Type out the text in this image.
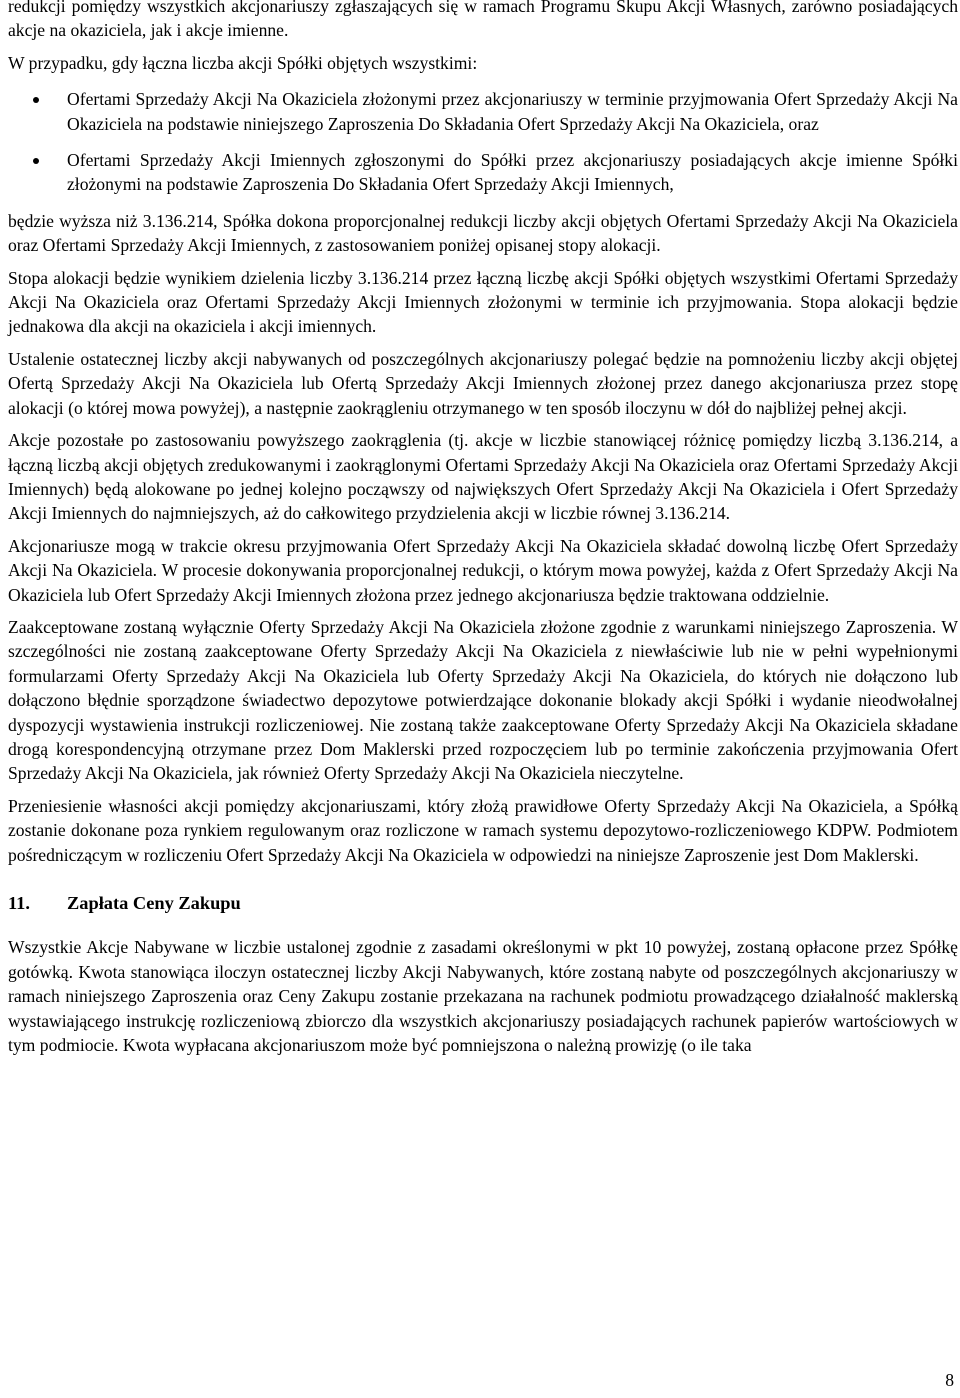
redukcji pomiędzy wszystkich akcjonariuszy zgłaszających się w ramach Programu Skupu Akcji Własnych, zarówno posiadających akcje na okaziciela, jak i akcje imienne.

W przypadku, gdy łączna liczba akcji Spółki objętych wszystkimi:

Ofertami Sprzedaży Akcji Na Okaziciela złożonymi przez akcjonariuszy w terminie przyjmowania Ofert Sprzedaży Akcji Na Okaziciela na podstawie niniejszego Zaproszenia Do Składania Ofert Sprzedaży Akcji Na Okaziciela, oraz
Ofertami Sprzedaży Akcji Imiennych zgłoszonymi do Spółki przez akcjonariuszy posiadających akcje imienne Spółki złożonymi na podstawie Zaproszenia Do Składania Ofert Sprzedaży Akcji Imiennych,

będzie wyższa niż 3.136.214, Spółka dokona proporcjonalnej redukcji liczby akcji objętych Ofertami Sprzedaży Akcji Na Okaziciela oraz Ofertami Sprzedaży Akcji Imiennych, z zastosowaniem poniżej opisanej stopy alokacji.

Stopa alokacji będzie wynikiem dzielenia liczby 3.136.214 przez łączną liczbę akcji Spółki objętych wszystkimi Ofertami Sprzedaży Akcji Na Okaziciela oraz Ofertami Sprzedaży Akcji Imiennych złożonymi w terminie ich przyjmowania. Stopa alokacji będzie jednakowa dla akcji na okaziciela i akcji imiennych.

Ustalenie ostatecznej liczby akcji nabywanych od poszczególnych akcjonariuszy polegać będzie na pomnożeniu liczby akcji objętej Ofertą Sprzedaży Akcji Na Okaziciela lub Ofertą Sprzedaży Akcji Imiennych złożonej przez danego akcjonariusza przez stopę alokacji (o której mowa powyżej), a następnie zaokrągleniu otrzymanego w ten sposób iloczynu w dół do najbliżej pełnej akcji.

Akcje pozostałe po zastosowaniu powyższego zaokrąglenia (tj. akcje w liczbie stanowiącej różnicę pomiędzy liczbą 3.136.214, a łączną liczbą akcji objętych zredukowanymi i zaokrąglonymi Ofertami Sprzedaży Akcji Na Okaziciela oraz Ofertami Sprzedaży Akcji Imiennych) będą alokowane po jednej kolejno począwszy od największych Ofert Sprzedaży Akcji Na Okaziciela i Ofert Sprzedaży Akcji Imiennych do najmniejszych, aż do całkowitego przydzielenia akcji w liczbie równej 3.136.214.

Akcjonariusze mogą w trakcie okresu przyjmowania Ofert Sprzedaży Akcji Na Okaziciela składać dowolną liczbę Ofert Sprzedaży Akcji Na Okaziciela. W procesie dokonywania proporcjonalnej redukcji, o którym mowa powyżej, każda z Ofert Sprzedaży Akcji Na Okaziciela lub Ofert Sprzedaży Akcji Imiennych złożona przez jednego akcjonariusza będzie traktowana oddzielnie.

Zaakceptowane zostaną wyłącznie Oferty Sprzedaży Akcji Na Okaziciela złożone zgodnie z warunkami niniejszego Zaproszenia. W szczególności nie zostaną zaakceptowane Oferty Sprzedaży Akcji Na Okaziciela z niewłaściwie lub nie w pełni wypełnionymi formularzami Oferty Sprzedaży Akcji Na Okaziciela lub Oferty Sprzedaży Akcji Na Okaziciela, do których nie dołączono lub dołączono błędnie sporządzone świadectwo depozytowe potwierdzające dokonanie blokady akcji Spółki i wydanie nieodwołalnej dyspozycji wystawienia instrukcji rozliczeniowej. Nie zostaną także zaakceptowane Oferty Sprzedaży Akcji Na Okaziciela składane drogą korespondencyjną otrzymane przez Dom Maklerski przed rozpoczęciem lub po terminie zakończenia przyjmowania Ofert Sprzedaży Akcji Na Okaziciela, jak również Oferty Sprzedaży Akcji Na Okaziciela nieczytelne.

Przeniesienie własności akcji pomiędzy akcjonariuszami, który złożą prawidłowe Oferty Sprzedaży Akcji Na Okaziciela, a Spółką zostanie dokonane poza rynkiem regulowanym oraz rozliczone w ramach systemu depozytowo-rozliczeniowego KDPW. Podmiotem pośredniczącym w rozliczeniu Ofert Sprzedaży Akcji Na Okaziciela w odpowiedzi na niniejsze Zaproszenie jest Dom Maklerski.

11.	Zapłata Ceny Zakupu

Wszystkie Akcje Nabywane w liczbie ustalonej zgodnie z zasadami określonymi w pkt 10 powyżej, zostaną opłacone przez Spółkę gotówką. Kwota stanowiąca iloczyn ostatecznej liczby Akcji Nabywanych, które zostaną nabyte od poszczególnych akcjonariuszy w ramach niniejszego Zaproszenia oraz Ceny Zakupu zostanie przekazana na rachunek podmiotu prowadzącego działalność maklerską wystawiającego instrukcję rozliczeniową zbiorczo dla wszystkich akcjonariuszy posiadających rachunek papierów wartościowych w tym podmiocie. Kwota wypłacana akcjonariuszom może być pomniejszona o należną prowizję (o ile taka

8
